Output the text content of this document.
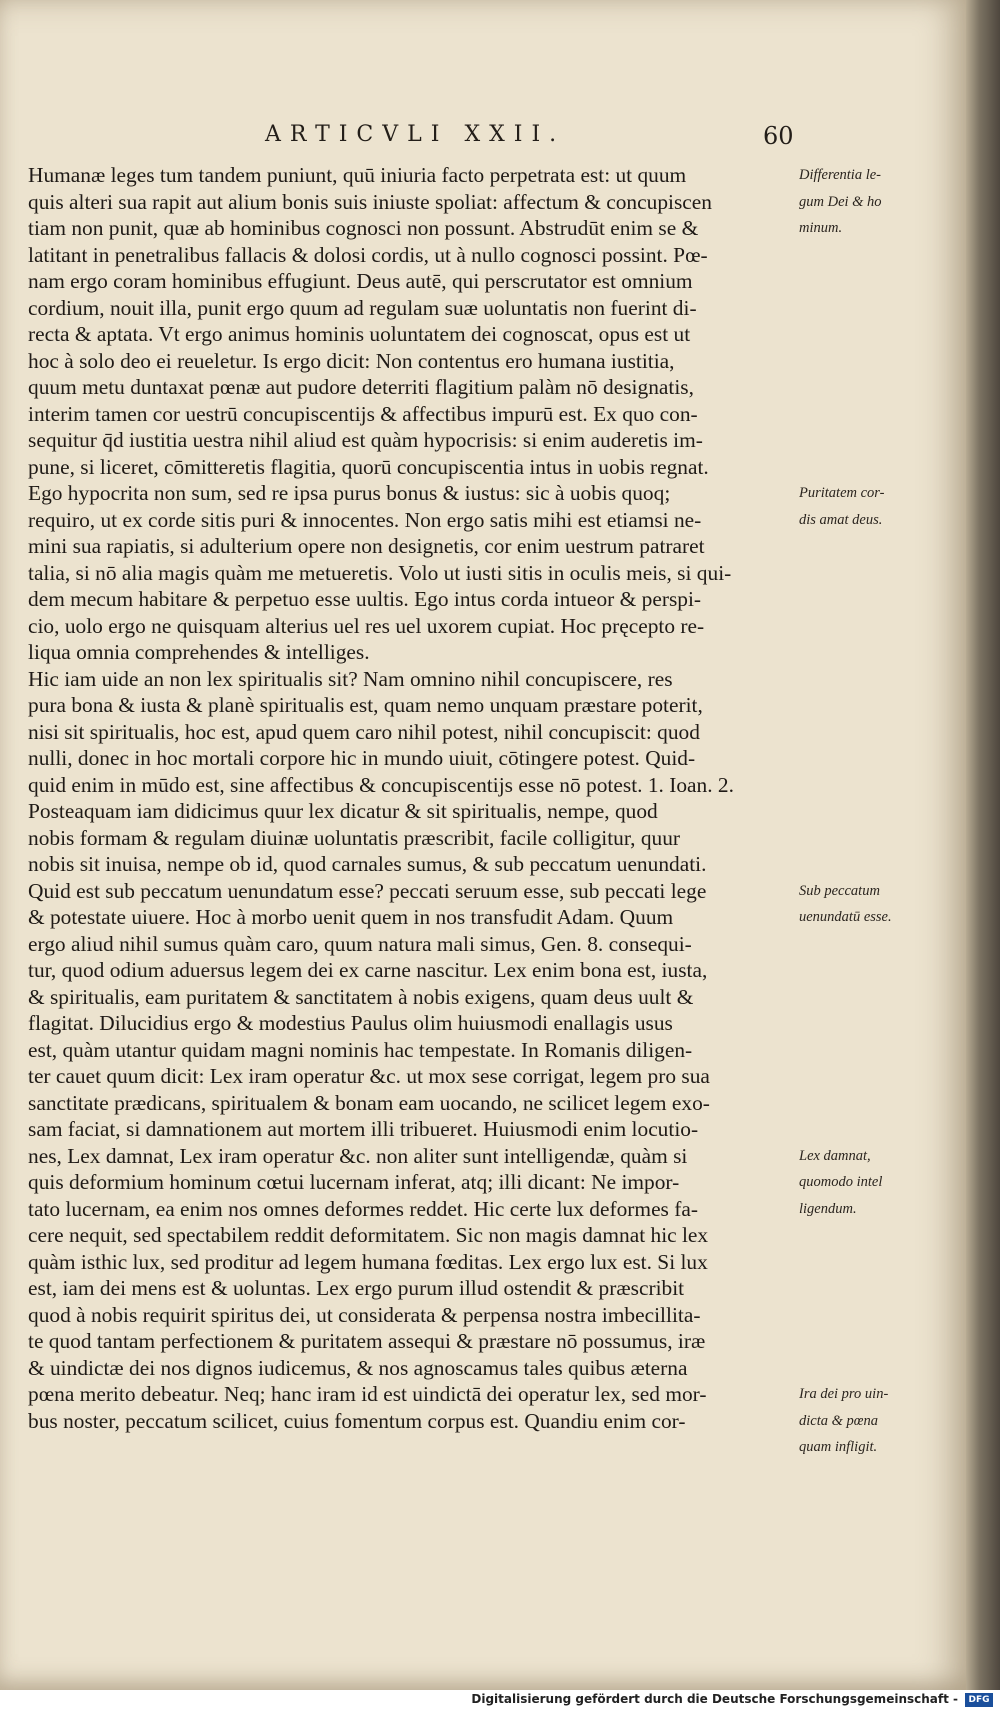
ARTICVLI XXII.	60
Humanæ leges tum tandem puniunt, quū iniuria facto perpetrata est: ut quum
quis alteri sua rapit aut alium bonis suis iniuste spoliat: affectum & concupiscen
tiam non punit, quæ ab hominibus cognosci non possunt. Abstrudūt enim se &
latitant in penetralibus fallacis & dolosi cordis, ut à nullo cognosci possint. Pœ-
nam ergo coram hominibus effugiunt. Deus autē, qui perscrutator est omnium
cordium, nouit illa, punit ergo quum ad regulam suæ uoluntatis non fuerint di-
recta & aptata. Vt ergo animus hominis uoluntatem dei cognoscat, opus est ut
hoc à solo deo ei reueletur. Is ergo dicit: Non contentus ero humana iustitia,
quum metu duntaxat pœnæ aut pudore deterriti flagitium palàm nō designatis,
interim tamen cor uestrū concupiscentijs & affectibus impurū est. Ex quo con-
sequitur q̄d iustitia uestra nihil aliud est quàm hypocrisis: si enim auderetis im-
pune, si liceret, cōmitteretis flagitia, quorū concupiscentia intus in uobis regnat.
Ego hypocrita non sum, sed re ipsa purus bonus & iustus: sic à uobis quoq;
requiro, ut ex corde sitis puri & innocentes. Non ergo satis mihi est etiamsi ne-
mini sua rapiatis, si adulterium opere non designetis, cor enim uestrum patraret
talia, si nō alia magis quàm me metueretis. Volo ut iusti sitis in oculis meis, si qui-
dem mecum habitare & perpetuo esse uultis. Ego intus corda intueor & perspi-
cio, uolo ergo ne quisquam alterius uel res uel uxorem cupiat. Hoc pręcepto re-
liqua omnia comprehendes & intelliges.
Hic iam uide an non lex spiritualis sit? Nam omnino nihil concupiscere, res
pura bona & iusta & planè spiritualis est, quam nemo unquam præstare poterit,
nisi sit spiritualis, hoc est, apud quem caro nihil potest, nihil concupiscit: quod
nulli, donec in hoc mortali corpore hic in mundo uiuit, cōtingere potest. Quid-
quid enim in mūdo est, sine affectibus & concupiscentijs esse nō potest. 1. Ioan. 2.
Posteaquam iam didicimus quur lex dicatur & sit spiritualis, nempe, quod
nobis formam & regulam diuinæ uoluntatis præscribit, facile colligitur, quur
nobis sit inuisa, nempe ob id, quod carnales sumus, & sub peccatum uenundati.
Quid est sub peccatum uenundatum esse? peccati seruum esse, sub peccati lege
& potestate uiuere. Hoc à morbo uenit quem in nos transfudit Adam. Quum
ergo aliud nihil sumus quàm caro, quum natura mali simus, Gen. 8. consequi-
tur, quod odium aduersus legem dei ex carne nascitur. Lex enim bona est, iusta,
& spiritualis, eam puritatem & sanctitatem à nobis exigens, quam deus uult &
flagitat. Dilucidius ergo & modestius Paulus olim huiusmodi enallagis usus
est, quàm utantur quidam magni nominis hac tempestate. In Romanis diligen-
ter cauet quum dicit: Lex iram operatur &c. ut mox sese corrigat, legem pro sua
sanctitate prædicans, spiritualem & bonam eam uocando, ne scilicet legem exo-
sam faciat, si damnationem aut mortem illi tribueret. Huiusmodi enim locutio-
nes, Lex damnat, Lex iram operatur &c. non aliter sunt intelligendæ, quàm si
quis deformium hominum cœtui lucernam inferat, atq; illi dicant: Ne impor-
tato lucernam, ea enim nos omnes deformes reddet. Hic certe lux deformes fa-
cere nequit, sed spectabilem reddit deformitatem. Sic non magis damnat hic lex
quàm isthic lux, sed proditur ad legem humana fœditas. Lex ergo lux est. Si lux
est, iam dei mens est & uoluntas. Lex ergo purum illud ostendit & præscribit
quod à nobis requirit spiritus dei, ut considerata & perpensa nostra imbecillita-
te quod tantam perfectionem & puritatem assequi & præstare nō possumus, iræ
& uindictæ dei nos dignos iudicemus, & nos agnoscamus tales quibus æterna
pœna merito debeatur. Neq; hanc iram id est uindictā dei operatur lex, sed mor-
bus noster, peccatum scilicet, cuius fomentum corpus est. Quandiu enim cor-
Differentia le-
gum Dei & ho
minum.
Puritatem cor-
dis amat deus.
Sub peccatum
uenundatū esse.
Lex damnat,
quomodo intel
ligendum.
Ira dei pro uin-
dicta & pœna
quam infligit.
Digitalisierung gefördert durch die Deutsche Forschungsgemeinschaft -	DFG
